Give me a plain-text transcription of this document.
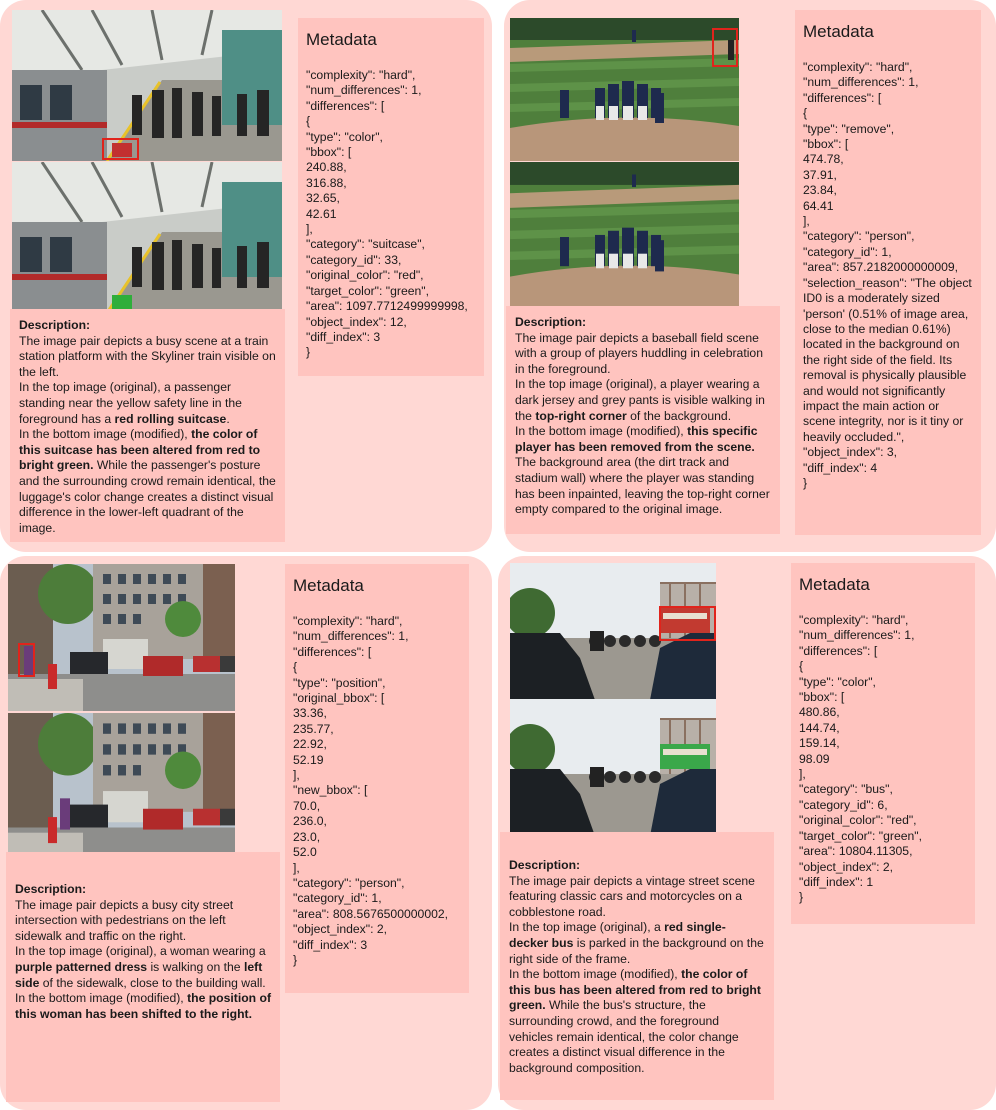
Metadata
"complexity": "hard",
"num_differences": 1,
"differences": [
{
"type": "color",
"bbox": [
240.88,
316.88,
32.65,
42.61
],
"category": "suitcase",
"category_id": 33,
"original_color": "red",
"target_color": "green",
"area": 1097.7712499999998,
"object_index": 12,
"diff_index": 3
}
Description:

The image pair depicts a busy scene at a train station platform with the Skyliner train visible on the left.

In the top image (original), a passenger standing near the yellow safety line in the foreground has a red rolling suitcase.

In the bottom image (modified), the color of this suitcase has been altered from red to bright green. While the passenger's posture and the surrounding crowd remain identical, the luggage's color change creates a distinct visual difference in the lower-left quadrant of the image.

Metadata
"complexity": "hard",
"num_differences": 1,
"differences": [
{
"type": "remove",
"bbox": [
474.78,
37.91,
23.84,
64.41
],
"category": "person",
"category_id": 1,
"area": 857.2182000000009,
"selection_reason": "The object ID0 is a moderately sized 'person' (0.51% of image area, close to the median 0.61%) located in the background on the right side of the field. Its removal is physically plausible and would not significantly impact the main action or scene integrity, nor is it tiny or heavily occluded.",
"object_index": 3,
"diff_index": 4
}
Description:

The image pair depicts a baseball field scene with a group of players huddling in celebration in the foreground.

In the top image (original), a player wearing a dark jersey and grey pants is visible walking in the top-right corner of the background.

In the bottom image (modified), this specific player has been removed from the scene. The background area (the dirt track and stadium wall) where the player was standing has been inpainted, leaving the top-right corner empty compared to the original image.

Metadata
"complexity": "hard",
"num_differences": 1,
"differences": [
{
"type": "position",
"original_bbox": [
33.36,
235.77,
22.92,
52.19
],
"new_bbox": [
70.0,
236.0,
23.0,
52.0
],
"category": "person",
"category_id": 1,
"area": 808.5676500000002,
"object_index": 2,
"diff_index": 3
}
Description:

The image pair depicts a busy city street intersection with pedestrians on the left sidewalk and traffic on the right.

In the top image (original), a woman wearing a purple patterned dress is walking on the left side of the sidewalk, close to the building wall.

In the bottom image (modified), the position of this woman has been shifted to the right.

Metadata
"complexity": "hard",
"num_differences": 1,
"differences": [
{
"type": "color",
"bbox": [
480.86,
144.74,
159.14,
98.09
],
"category": "bus",
"category_id": 6,
"original_color": "red",
"target_color": "green",
"area": 10804.11305,
"object_index": 2,
"diff_index": 1
}
Description:

The image pair depicts a vintage street scene featuring classic cars and motorcycles on a cobblestone road.

In the top image (original), a red single-decker bus is parked in the background on the right side of the frame.

In the bottom image (modified), the color of this bus has been altered from red to bright green. While the bus's structure, the surrounding crowd, and the foreground vehicles remain identical, the color change creates a distinct visual difference in the background composition.
